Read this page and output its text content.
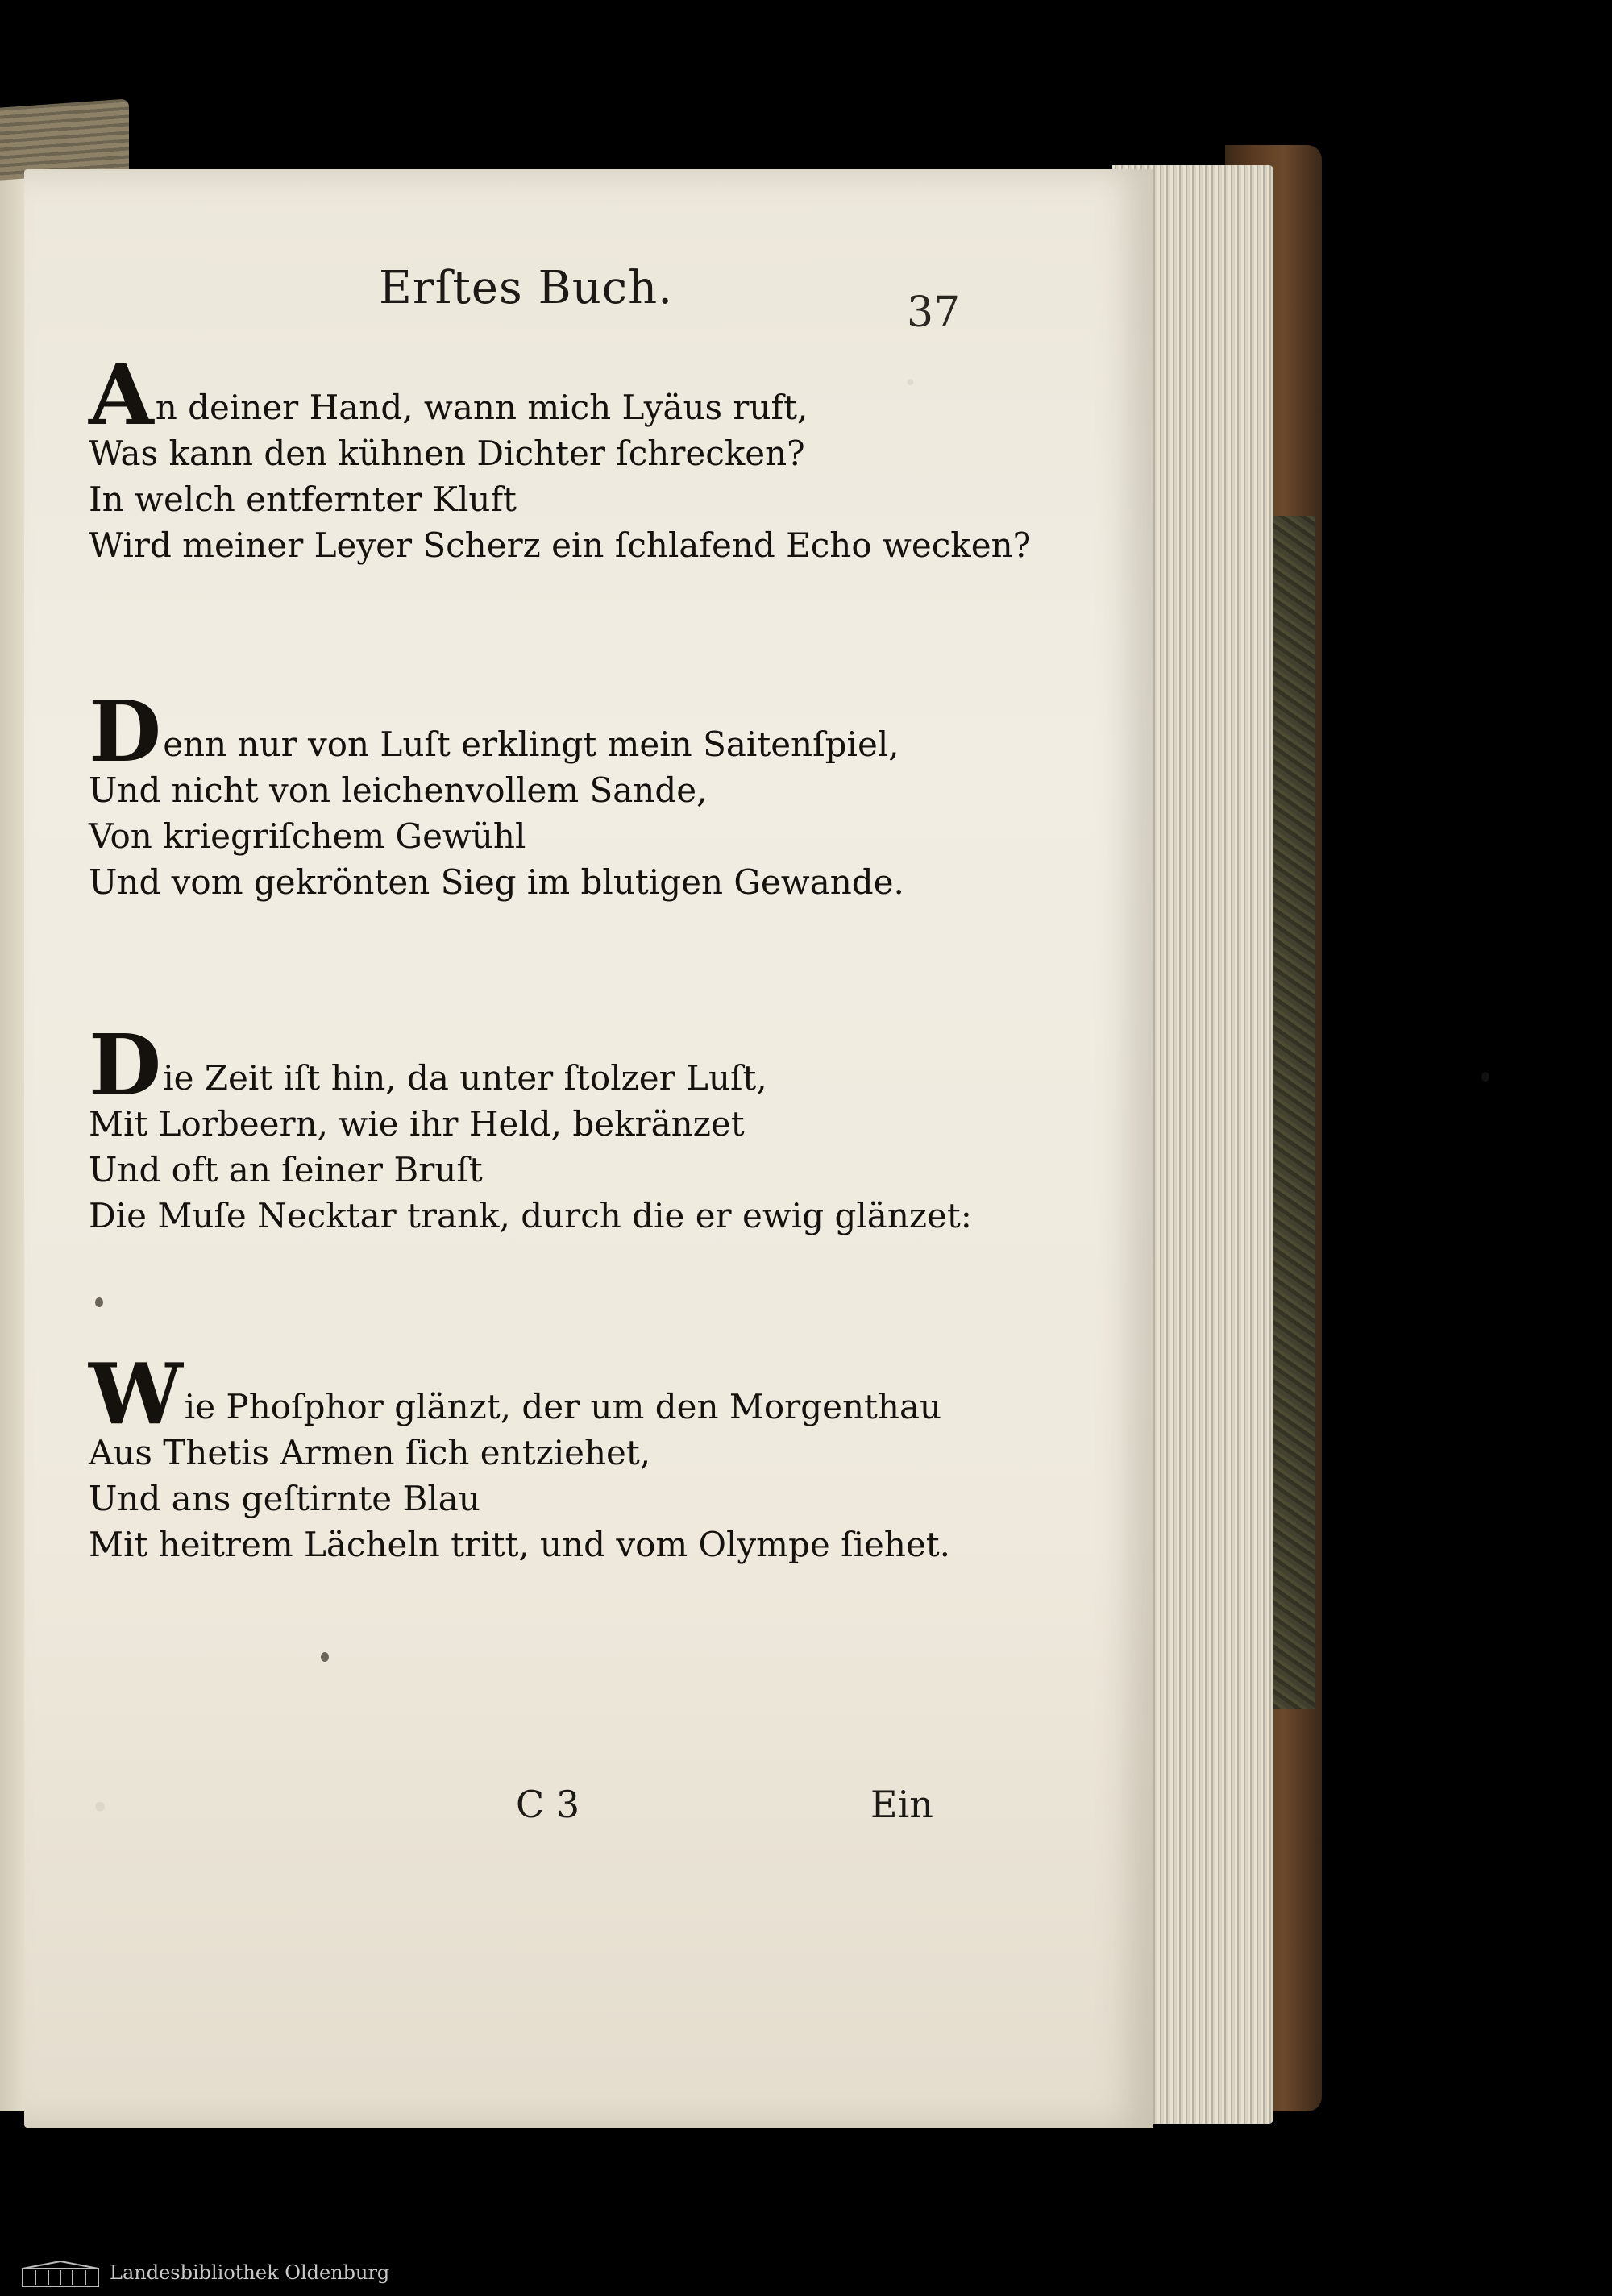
·
·
Erſtes Buch.	37
An deiner Hand, wann mich Lyäus ruft,
Was kann den kühnen Dichter ſchrecken?
In welch entfernter Kluft
Wird meiner Leyer Scherz ein ſchlafend Echo wecken?
Denn nur von Luſt erklingt mein Saitenſpiel,
Und nicht von leichenvollem Sande,
Von kriegriſchem Gewühl
Und vom gekrönten Sieg im blutigen Gewande.
Die Zeit iſt hin, da unter ſtolzer Luſt,
Mit Lorbeern, wie ihr Held, bekränzet
Und oft an ſeiner Bruſt
Die Muſe Necktar trank, durch die er ewig glänzet:
Wie Phoſphor glänzt, der um den Morgenthau
Aus Thetis Armen ſich entziehet,
Und ans geſtirnte Blau
Mit heitrem Lächeln tritt, und vom Olympe ſiehet.
C 3	Ein
Landesbibliothek Oldenburg
